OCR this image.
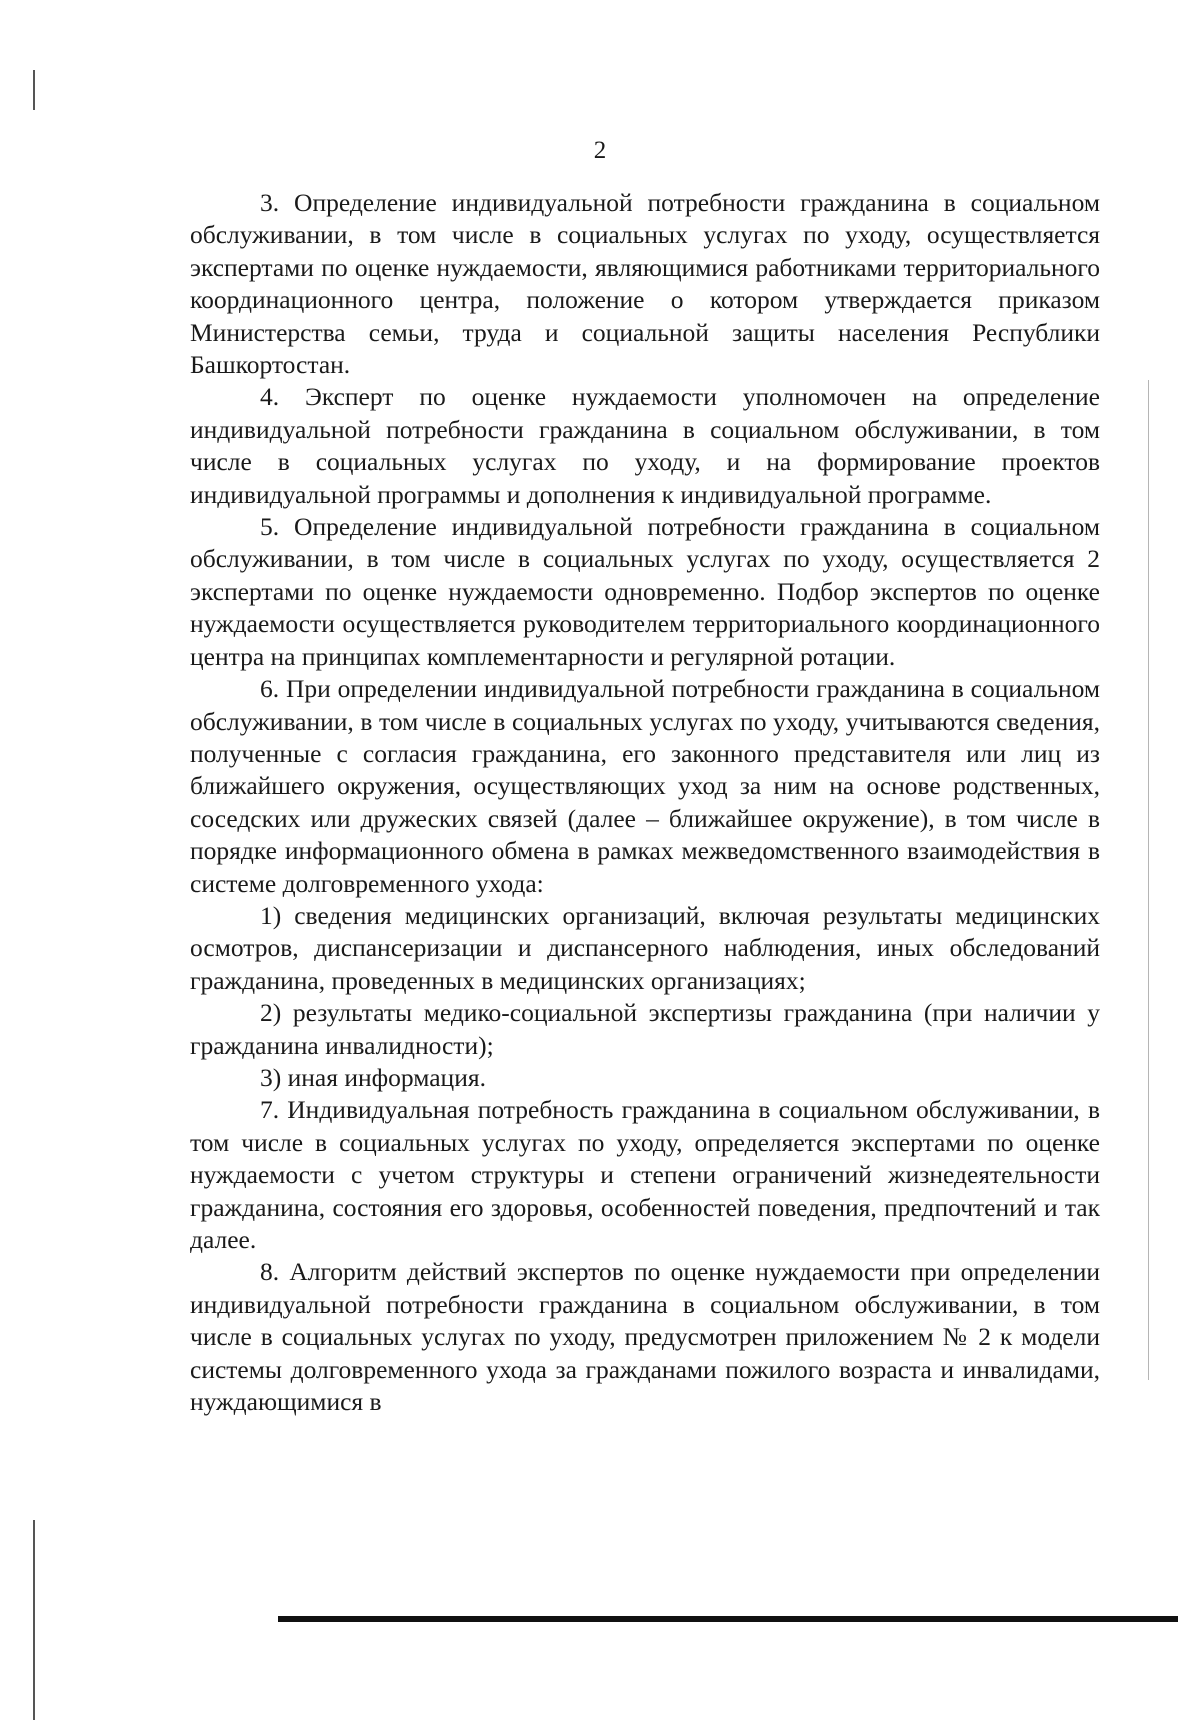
2

3. Определение индивидуальной потребности гражданина в социальном обслуживании, в том числе в социальных услугах по уходу, осуществляется экспертами по оценке нуждаемости, являющимися работниками территориального координационного центра, положение о котором утверждается приказом Министерства семьи, труда и социальной защиты населения Республики Башкортостан.

4. Эксперт по оценке нуждаемости уполномочен на определение индивидуальной потребности гражданина в социальном обслуживании, в том числе в социальных услугах по уходу, и на формирование проектов индивидуальной программы и дополнения к индивидуальной программе.

5. Определение индивидуальной потребности гражданина в социальном обслуживании, в том числе в социальных услугах по уходу, осуществляется 2 экспертами по оценке нуждаемости одновременно. Подбор экспертов по оценке нуждаемости осуществляется руководителем территориального координационного центра на принципах комплементарности и регулярной ротации.

6. При определении индивидуальной потребности гражданина в социальном обслуживании, в том числе в социальных услугах по уходу, учитываются сведения, полученные с согласия гражданина, его законного представителя или лиц из ближайшего окружения, осуществляющих уход за ним на основе родственных, соседских или дружеских связей (далее – ближайшее окружение), в том числе в порядке информационного обмена в рамках межведомственного взаимодействия в системе долговременного ухода:

1) сведения медицинских организаций, включая результаты медицинских осмотров, диспансеризации и диспансерного наблюдения, иных обследований гражданина, проведенных в медицинских организациях;

2) результаты медико-социальной экспертизы гражданина (при наличии у гражданина инвалидности);

3) иная информация.

7. Индивидуальная потребность гражданина в социальном обслуживании, в том числе в социальных услугах по уходу, определяется экспертами по оценке нуждаемости с учетом структуры и степени ограничений жизнедеятельности гражданина, состояния его здоровья, особенностей поведения, предпочтений и так далее.

8. Алгоритм действий экспертов по оценке нуждаемости при определении индивидуальной потребности гражданина в социальном обслуживании, в том числе в социальных услугах по уходу, предусмотрен приложением № 2 к модели системы долговременного ухода за гражданами пожилого возраста и инвалидами, нуждающимися в
